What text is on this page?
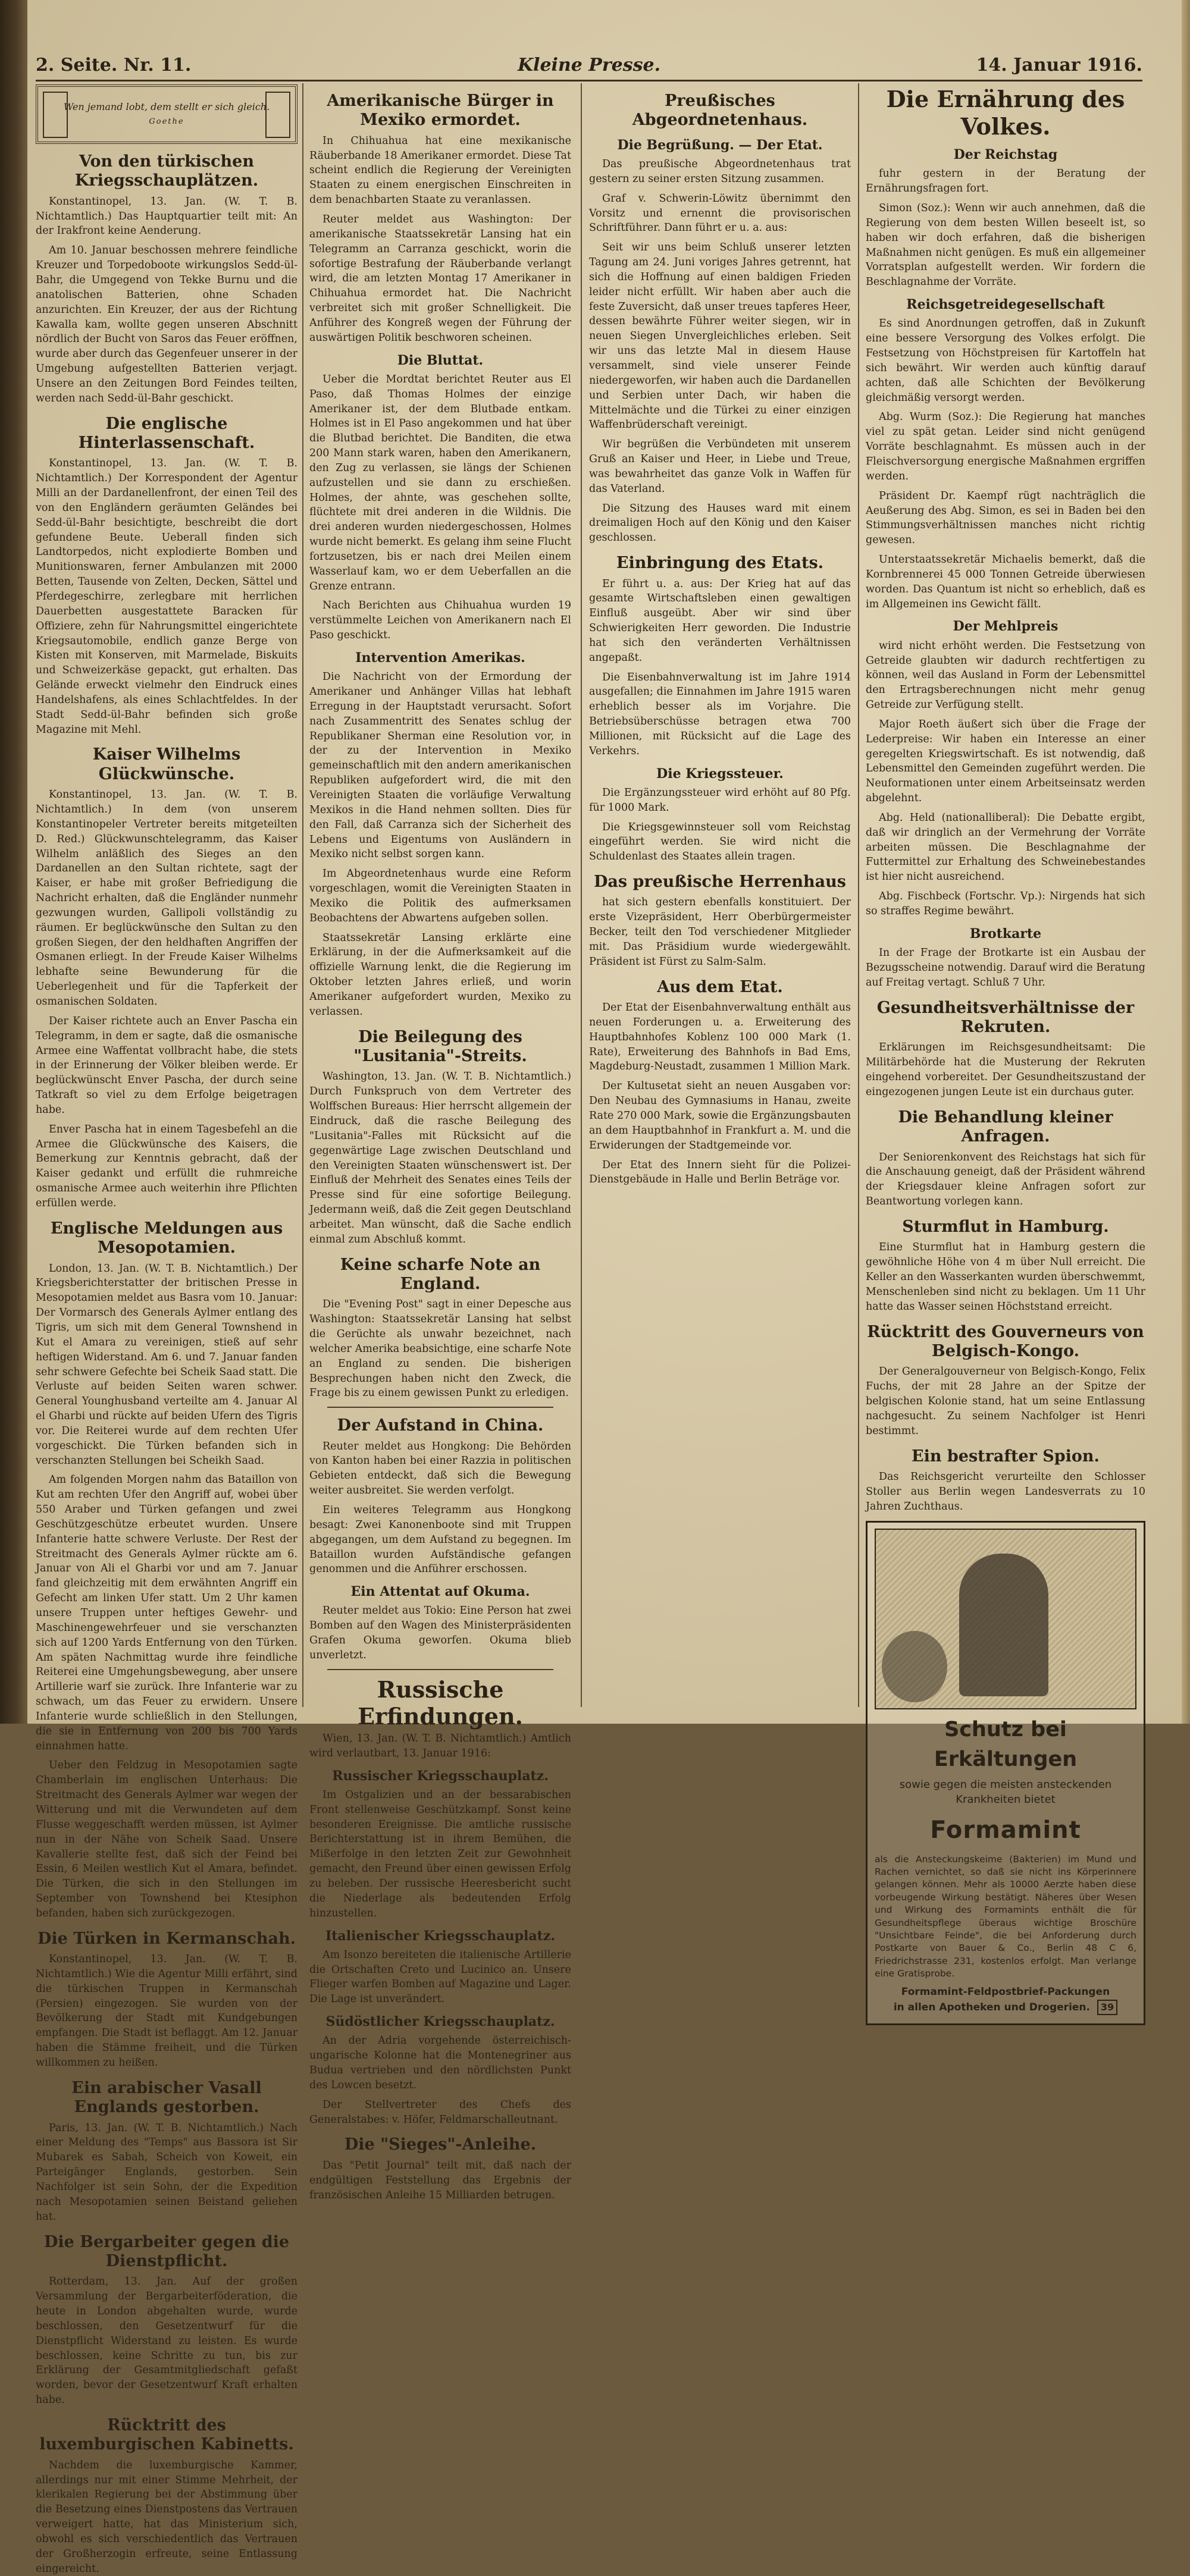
2. Seite. Nr. 11.	Kleine Presse.	14. Januar 1916.
Wen jemand lobt, dem stellt er sich gleich.
Goethe
Von den türkischen Kriegsschauplätzen.

Konstantinopel, 13. Jan. (W. T. B. Nichtamtlich.) Das Hauptquartier teilt mit: An der Irakfront keine Aenderung.

Am 10. Januar beschossen mehrere feindliche Kreuzer und Torpedoboote wirkungslos Sedd-ül-Bahr, die Umgegend von Tekke Burnu und die anatolischen Batterien, ohne Schaden anzurichten. Ein Kreuzer, der aus der Richtung Kawalla kam, wollte gegen unseren Abschnitt nördlich der Bucht von Saros das Feuer eröffnen, wurde aber durch das Gegenfeuer unserer in der Umgebung aufgestellten Batterien verjagt. Unsere an den Zeitungen Bord Feindes teilten, werden nach Sedd-ül-Bahr geschickt.

Die englische Hinterlassenschaft.

Konstantinopel, 13. Jan. (W. T. B. Nichtamtlich.) Der Korrespondent der Agentur Milli an der Dardanellenfront, der einen Teil des von den Engländern geräumten Geländes bei Sedd-ül-Bahr besichtigte, beschreibt die dort gefundene Beute. Ueberall finden sich Landtorpedos, nicht explodierte Bomben und Munitionswaren, ferner Ambulanzen mit 2000 Betten, Tausende von Zelten, Decken, Sättel und Pferdegeschirre, zerlegbare mit herrlichen Dauerbetten ausgestattete Baracken für Offiziere, zehn für Nahrungsmittel eingerichtete Kriegsautomobile, endlich ganze Berge von Kisten mit Konserven, mit Marmelade, Biskuits und Schweizerkäse gepackt, gut erhalten. Das Gelände erweckt vielmehr den Eindruck eines Handelshafens, als eines Schlachtfeldes. In der Stadt Sedd-ül-Bahr befinden sich große Magazine mit Mehl.

Kaiser Wilhelms Glückwünsche.

Konstantinopel, 13. Jan. (W. T. B. Nichtamtlich.) In dem (von unserem Konstantinopeler Vertreter bereits mitgeteilten D. Red.) Glückwunschtelegramm, das Kaiser Wilhelm anläßlich des Sieges an den Dardanellen an den Sultan richtete, sagt der Kaiser, er habe mit großer Befriedigung die Nachricht erhalten, daß die Engländer nunmehr gezwungen wurden, Gallipoli vollständig zu räumen. Er beglückwünsche den Sultan zu den großen Siegen, der den heldhaften Angriffen der Osmanen erliegt. In der Freude Kaiser Wilhelms lebhafte seine Bewunderung für die Ueberlegenheit und für die Tapferkeit der osmanischen Soldaten.

Der Kaiser richtete auch an Enver Pascha ein Telegramm, in dem er sagte, daß die osmanische Armee eine Waffentat vollbracht habe, die stets in der Erinnerung der Völker bleiben werde. Er beglückwünscht Enver Pascha, der durch seine Tatkraft so viel zu dem Erfolge beigetragen habe.

Enver Pascha hat in einem Tagesbefehl an die Armee die Glückwünsche des Kaisers, die Bemerkung zur Kenntnis gebracht, daß der Kaiser gedankt und erfüllt die ruhmreiche osmanische Armee auch weiterhin ihre Pflichten erfüllen werde.

Englische Meldungen aus Mesopotamien.

London, 13. Jan. (W. T. B. Nichtamtlich.) Der Kriegsberichterstatter der britischen Presse in Mesopotamien meldet aus Basra vom 10. Januar: Der Vormarsch des Generals Aylmer entlang des Tigris, um sich mit dem General Townshend in Kut el Amara zu vereinigen, stieß auf sehr heftigen Widerstand. Am 6. und 7. Januar fanden sehr schwere Gefechte bei Scheik Saad statt. Die Verluste auf beiden Seiten waren schwer. General Younghusband verteilte am 4. Januar Al el Gharbi und rückte auf beiden Ufern des Tigris vor. Die Reiterei wurde auf dem rechten Ufer vorgeschickt. Die Türken befanden sich in verschanzten Stellungen bei Scheikh Saad.

Am folgenden Morgen nahm das Bataillon von Kut am rechten Ufer den Angriff auf, wobei über 550 Araber und Türken gefangen und zwei Geschützgeschütze erbeutet wurden. Unsere Infanterie hatte schwere Verluste. Der Rest der Streitmacht des Generals Aylmer rückte am 6. Januar von Ali el Gharbi vor und am 7. Januar fand gleichzeitig mit dem erwähnten Angriff ein Gefecht am linken Ufer statt. Um 2 Uhr kamen unsere Truppen unter heftiges Gewehr- und Maschinengewehrfeuer und sie verschanzten sich auf 1200 Yards Entfernung von den Türken. Am späten Nachmittag wurde ihre feindliche Reiterei eine Umgehungsbewegung, aber unsere Artillerie warf sie zurück. Ihre Infanterie war zu schwach, um das Feuer zu erwidern. Unsere Infanterie wurde schließlich in den Stellungen, die sie in Entfernung von 200 bis 700 Yards einnahmen hatte.

Ueber den Feldzug in Mesopotamien sagte Chamberlain im englischen Unterhaus: Die Streitmacht des Generals Aylmer war wegen der Witterung und mit die Verwundeten auf dem Flusse weggeschafft werden müssen, ist Aylmer nun in der Nähe von Scheik Saad. Unsere Kavallerie stellte fest, daß sich der Feind bei Essin, 6 Meilen westlich Kut el Amara, befindet. Die Türken, die sich in den Stellungen im September von Townshend bei Ktesiphon befanden, haben sich zurückgezogen.

Die Türken in Kermanschah.

Konstantinopel, 13. Jan. (W. T. B. Nichtamtlich.) Wie die Agentur Milli erfährt, sind die türkischen Truppen in Kermanschah (Persien) eingezogen. Sie wurden von der Bevölkerung der Stadt mit Kundgebungen empfangen. Die Stadt ist beflaggt. Am 12. Januar haben die Stämme freiheit, und die Türken willkommen zu heißen.

Ein arabischer Vasall Englands gestorben.

Paris, 13. Jan. (W. T. B. Nichtamtlich.) Nach einer Meldung des "Temps" aus Bassora ist Sir Mubarek es Sabah, Scheich von Koweit, ein Parteigänger Englands, gestorben. Sein Nachfolger ist sein Sohn, der die Expedition nach Mesopotamien seinen Beistand geliehen hat.

Die Bergarbeiter gegen die Dienstpflicht.

Rotterdam, 13. Jan. Auf der großen Versammlung der Bergarbeiterföderation, die heute in London abgehalten wurde, wurde beschlossen, den Gesetzentwurf für die Dienstpflicht Widerstand zu leisten. Es wurde beschlossen, keine Schritte zu tun, bis zur Erklärung der Gesamtmitgliedschaft gefaßt worden, bevor der Gesetzentwurf Kraft erhalten habe.

Rücktritt des luxemburgischen Kabinetts.

Nachdem die luxemburgische Kammer, allerdings nur mit einer Stimme Mehrheit, der klerikalen Regierung bei der Abstimmung über die Besetzung eines Dienstpostens das Vertrauen verweigert hatte, hat das Ministerium sich, obwohl es sich verschiedentlich das Vertrauen der Großherzogin erfreute, seine Entlassung eingereicht.

Amerikanische Bürger in Mexiko ermordet.

In Chihuahua hat eine mexikanische Räuberbande 18 Amerikaner ermordet. Diese Tat scheint endlich die Regierung der Vereinigten Staaten zu einem energischen Einschreiten in dem benachbarten Staate zu veranlassen.

Reuter meldet aus Washington: Der amerikanische Staatssekretär Lansing hat ein Telegramm an Carranza geschickt, worin die sofortige Bestrafung der Räuberbande verlangt wird, die am letzten Montag 17 Amerikaner in Chihuahua ermordet hat. Die Nachricht verbreitet sich mit großer Schnelligkeit. Die Anführer des Kongreß wegen der Führung der auswärtigen Politik beschworen scheinen.

Die Bluttat.

Ueber die Mordtat berichtet Reuter aus El Paso, daß Thomas Holmes der einzige Amerikaner ist, der dem Blutbade entkam. Holmes ist in El Paso angekommen und hat über die Blutbad berichtet. Die Banditen, die etwa 200 Mann stark waren, haben den Amerikanern, den Zug zu verlassen, sie längs der Schienen aufzustellen und sie dann zu erschießen. Holmes, der ahnte, was geschehen sollte, flüchtete mit drei anderen in die Wildnis. Die drei anderen wurden niedergeschossen, Holmes wurde nicht bemerkt. Es gelang ihm seine Flucht fortzusetzen, bis er nach drei Meilen einem Wasserlauf kam, wo er dem Ueberfallen an die Grenze entrann.

Nach Berichten aus Chihuahua wurden 19 verstümmelte Leichen von Amerikanern nach El Paso geschickt.

Intervention Amerikas.

Die Nachricht von der Ermordung der Amerikaner und Anhänger Villas hat lebhaft Erregung in der Hauptstadt verursacht. Sofort nach Zusammentritt des Senates schlug der Republikaner Sherman eine Resolution vor, in der zu der Intervention in Mexiko gemeinschaftlich mit den andern amerikanischen Republiken aufgefordert wird, die mit den Vereinigten Staaten die vorläufige Verwaltung Mexikos in die Hand nehmen sollten. Dies für den Fall, daß Carranza sich der Sicherheit des Lebens und Eigentums von Ausländern in Mexiko nicht selbst sorgen kann.

Im Abgeordnetenhaus wurde eine Reform vorgeschlagen, womit die Vereinigten Staaten in Mexiko die Politik des aufmerksamen Beobachtens der Abwartens aufgeben sollen.

Staatssekretär Lansing erklärte eine Erklärung, in der die Aufmerksamkeit auf die offizielle Warnung lenkt, die die Regierung im Oktober letzten Jahres erließ, und worin Amerikaner aufgefordert wurden, Mexiko zu verlassen.

Die Beilegung des "Lusitania"-Streits.

Washington, 13. Jan. (W. T. B. Nichtamtlich.) Durch Funkspruch von dem Vertreter des Wolffschen Bureaus: Hier herrscht allgemein der Eindruck, daß die rasche Beilegung des "Lusitania"-Falles mit Rücksicht auf die gegenwärtige Lage zwischen Deutschland und den Vereinigten Staaten wünschenswert ist. Der Einfluß der Mehrheit des Senates eines Teils der Presse sind für eine sofortige Beilegung. Jedermann weiß, daß die Zeit gegen Deutschland arbeitet. Man wünscht, daß die Sache endlich einmal zum Abschluß kommt.

Keine scharfe Note an England.

Die "Evening Post" sagt in einer Depesche aus Washington: Staatssekretär Lansing hat selbst die Gerüchte als unwahr bezeichnet, nach welcher Amerika beabsichtige, eine scharfe Note an England zu senden. Die bisherigen Besprechungen haben nicht den Zweck, die Frage bis zu einem gewissen Punkt zu erledigen.

Der Aufstand in China.

Reuter meldet aus Hongkong: Die Behörden von Kanton haben bei einer Razzia in politischen Gebieten entdeckt, daß sich die Bewegung weiter ausbreitet. Sie werden verfolgt.

Ein weiteres Telegramm aus Hongkong besagt: Zwei Kanonenboote sind mit Truppen abgegangen, um dem Aufstand zu begegnen. Im Bataillon wurden Aufständische gefangen genommen und die Anführer erschossen.

Ein Attentat auf Okuma.

Reuter meldet aus Tokio: Eine Person hat zwei Bomben auf den Wagen des Ministerpräsidenten Grafen Okuma geworfen. Okuma blieb unverletzt.

Russische Erfindungen.

Wien, 13. Jan. (W. T. B. Nichtamtlich.) Amtlich wird verlautbart, 13. Januar 1916:

Russischer Kriegsschauplatz.

Im Ostgalizien und an der bessarabischen Front stellenweise Geschützkampf. Sonst keine besonderen Ereignisse. Die amtliche russische Berichterstattung ist in ihrem Bemühen, die Mißerfolge in den letzten Zeit zur Gewohnheit gemacht, den Freund über einen gewissen Erfolg zu beleben. Der russische Heeresbericht sucht die Niederlage als bedeutenden Erfolg hinzustellen.

Italienischer Kriegsschauplatz.

Am Isonzo bereiteten die italienische Artillerie die Ortschaften Creto und Lucinico an. Unsere Flieger warfen Bomben auf Magazine und Lager. Die Lage ist unverändert.

Südöstlicher Kriegsschauplatz.

An der Adria vorgehende österreichisch-ungarische Kolonne hat die Montenegriner aus Budua vertrieben und den nördlichsten Punkt des Lowcen besetzt.

Der Stellvertreter des Chefs des Generalstabes: v. Höfer, Feldmarschalleutnant.

Die "Sieges"-Anleihe.

Das "Petit Journal" teilt mit, daß nach der endgültigen Feststellung das Ergebnis der französischen Anleihe 15 Milliarden betrugen.

Preußisches Abgeordnetenhaus.
Die Begrüßung. — Der Etat.

Das preußische Abgeordnetenhaus trat gestern zu seiner ersten Sitzung zusammen.

Graf v. Schwerin-Löwitz übernimmt den Vorsitz und ernennt die provisorischen Schriftführer. Dann führt er u. a. aus:

Seit wir uns beim Schluß unserer letzten Tagung am 24. Juni voriges Jahres getrennt, hat sich die Hoffnung auf einen baldigen Frieden leider nicht erfüllt. Wir haben aber auch die feste Zuversicht, daß unser treues tapferes Heer, dessen bewährte Führer weiter siegen, wir in neuen Siegen Unvergleichliches erleben. Seit wir uns das letzte Mal in diesem Hause versammelt, sind viele unserer Feinde niedergeworfen, wir haben auch die Dardanellen und Serbien unter Dach, wir haben die Mittelmächte und die Türkei zu einer einzigen Waffenbrüderschaft vereinigt.

Wir begrüßen die Verbündeten mit unserem Gruß an Kaiser und Heer, in Liebe und Treue, was bewahrheitet das ganze Volk in Waffen für das Vaterland.

Die Sitzung des Hauses ward mit einem dreimaligen Hoch auf den König und den Kaiser geschlossen.

Einbringung des Etats.

Er führt u. a. aus: Der Krieg hat auf das gesamte Wirtschaftsleben einen gewaltigen Einfluß ausgeübt. Aber wir sind über Schwierigkeiten Herr geworden. Die Industrie hat sich den veränderten Verhältnissen angepaßt.

Die Eisenbahnverwaltung ist im Jahre 1914 ausgefallen; die Einnahmen im Jahre 1915 waren erheblich besser als im Vorjahre. Die Betriebsüberschüsse betragen etwa 700 Millionen, mit Rücksicht auf die Lage des Verkehrs.

Die Kriegssteuer.

Die Ergänzungssteuer wird erhöht auf 80 Pfg. für 1000 Mark.

Die Kriegsgewinnsteuer soll vom Reichstag eingeführt werden. Sie wird nicht die Schuldenlast des Staates allein tragen.

Das preußische Herrenhaus

hat sich gestern ebenfalls konstituiert. Der erste Vizepräsident, Herr Oberbürgermeister Becker, teilt den Tod verschiedener Mitglieder mit. Das Präsidium wurde wiedergewählt. Präsident ist Fürst zu Salm-Salm.

Aus dem Etat.

Der Etat der Eisenbahnverwaltung enthält aus neuen Forderungen u. a. Erweiterung des Hauptbahnhofes Koblenz 100 000 Mark (1. Rate), Erweiterung des Bahnhofs in Bad Ems, Magdeburg-Neustadt, zusammen 1 Million Mark.

Der Kultusetat sieht an neuen Ausgaben vor: Den Neubau des Gymnasiums in Hanau, zweite Rate 270 000 Mark, sowie die Ergänzungsbauten an dem Hauptbahnhof in Frankfurt a. M. und die Erwiderungen der Stadtgemeinde vor.

Der Etat des Innern sieht für die Polizei-Dienstgebäude in Halle und Berlin Beträge vor.

Die Ernährung des Volkes.
Der Reichstag

fuhr gestern in der Beratung der Ernährungsfragen fort.

Simon (Soz.): Wenn wir auch annehmen, daß die Regierung von dem besten Willen beseelt ist, so haben wir doch erfahren, daß die bisherigen Maßnahmen nicht genügen. Es muß ein allgemeiner Vorratsplan aufgestellt werden. Wir fordern die Beschlagnahme der Vorräte.

Reichsgetreidegesellschaft

Es sind Anordnungen getroffen, daß in Zukunft eine bessere Versorgung des Volkes erfolgt. Die Festsetzung von Höchstpreisen für Kartoffeln hat sich bewährt. Wir werden auch künftig darauf achten, daß alle Schichten der Bevölkerung gleichmäßig versorgt werden.

Abg. Wurm (Soz.): Die Regierung hat manches viel zu spät getan. Leider sind nicht genügend Vorräte beschlagnahmt. Es müssen auch in der Fleischversorgung energische Maßnahmen ergriffen werden.

Präsident Dr. Kaempf rügt nachträglich die Aeußerung des Abg. Simon, es sei in Baden bei den Stimmungsverhältnissen manches nicht richtig gewesen.

Unterstaatssekretär Michaelis bemerkt, daß die Kornbrennerei 45 000 Tonnen Getreide überwiesen worden. Das Quantum ist nicht so erheblich, daß es im Allgemeinen ins Gewicht fällt.

Der Mehlpreis

wird nicht erhöht werden. Die Festsetzung von Getreide glaubten wir dadurch rechtfertigen zu können, weil das Ausland in Form der Lebensmittel den Ertragsberechnungen nicht mehr genug Getreide zur Verfügung stellt.

Major Roeth äußert sich über die Frage der Lederpreise: Wir haben ein Interesse an einer geregelten Kriegswirtschaft. Es ist notwendig, daß Lebensmittel den Gemeinden zugeführt werden. Die Neuformationen unter einem Arbeitseinsatz werden abgelehnt.

Abg. Held (nationalliberal): Die Debatte ergibt, daß wir dringlich an der Vermehrung der Vorräte arbeiten müssen. Die Beschlagnahme der Futtermittel zur Erhaltung des Schweinebestandes ist hier nicht ausreichend.

Abg. Fischbeck (Fortschr. Vp.): Nirgends hat sich so straffes Regime bewährt.

Brotkarte

In der Frage der Brotkarte ist ein Ausbau der Bezugsscheine notwendig. Darauf wird die Beratung auf Freitag vertagt. Schluß 7 Uhr.

Gesundheitsverhältnisse der Rekruten.

Erklärungen im Reichsgesundheitsamt: Die Militärbehörde hat die Musterung der Rekruten eingehend vorbereitet. Der Gesundheitszustand der eingezogenen jungen Leute ist ein durchaus guter.

Die Behandlung kleiner Anfragen.

Der Seniorenkonvent des Reichstags hat sich für die Anschauung geneigt, daß der Präsident während der Kriegsdauer kleine Anfragen sofort zur Beantwortung vorlegen kann.

Sturmflut in Hamburg.

Eine Sturmflut hat in Hamburg gestern die gewöhnliche Höhe von 4 m über Null erreicht. Die Keller an den Wasserkanten wurden überschwemmt, Menschenleben sind nicht zu beklagen. Um 11 Uhr hatte das Wasser seinen Höchststand erreicht.

Rücktritt des Gouverneurs von Belgisch-Kongo.

Der Generalgouverneur von Belgisch-Kongo, Felix Fuchs, der mit 28 Jahre an der Spitze der belgischen Kolonie stand, hat um seine Entlassung nachgesucht. Zu seinem Nachfolger ist Henri bestimmt.

Ein bestrafter Spion.

Das Reichsgericht verurteilte den Schlosser Stoller aus Berlin wegen Landesverrats zu 10 Jahren Zuchthaus.

Schutz bei Erkältungen
sowie gegen die meisten ansteckenden Krankheiten bietet
Formamint
als die Ansteckungskeime (Bakterien) im Mund und Rachen vernichtet, so daß sie nicht ins Körperinnere gelangen können. Mehr als 10000 Aerzte haben diese vorbeugende Wirkung bestätigt. Näheres über Wesen und Wirkung des Formamints enthält die für Gesundheitspflege überaus wichtige Broschüre "Unsichtbare Feinde", die bei Anforderung durch Postkarte von Bauer & Co., Berlin 48 C 6, Friedrichstrasse 231, kostenlos erfolgt. Man verlange eine Gratisprobe.
Formamint-Feldpostbrief-Packungen
in allen Apotheken und Drogerien. 39
